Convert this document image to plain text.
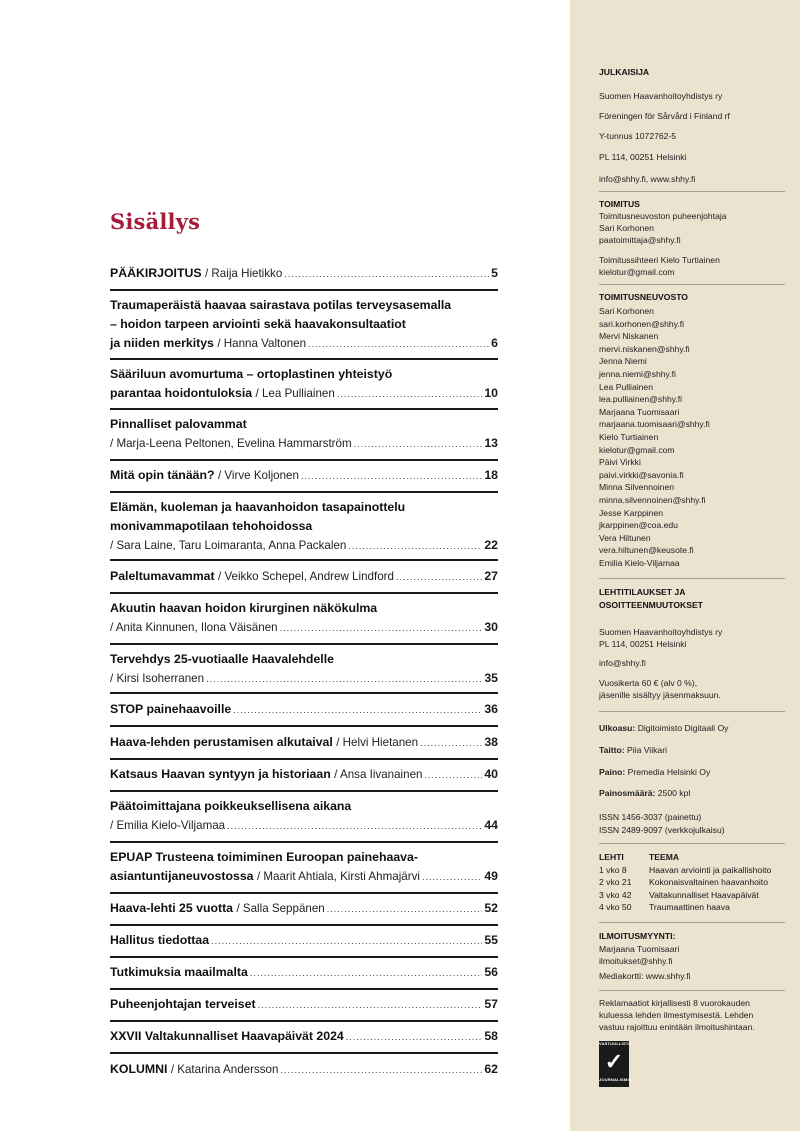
Sisällys
PÄÄKIRJOITUS / Raija Hietikko .....	5
Traumaperäistä haavaa sairastava potilas terveysasemalla
– hoidon tarpeen arviointi sekä haavakonsultaatiot
ja niiden merkitys / Hanna Valtonen .....	6
Sääriluun avomurtuma – ortoplastinen yhteistyö
parantaa hoidontuloksia / Lea Pulliainen .....	10
Pinnalliset palovammat
/ Marja-Leena Peltonen, Evelina Hammarström .....	13
Mitä opin tänään? / Virve Koljonen .....	18
Elämän, kuoleman ja haavanhoidon tasapainottelu
monivammapotilaan tehohoidossa
/ Sara Laine, Taru Loimaranta, Anna Packalen .....	22
Paleltumavammat / Veikko Schepel, Andrew Lindford .....	27
Akuutin haavan hoidon kirurginen näkökulma
/ Anita Kinnunen, Ilona Väisänen .....	30
Tervehdys 25-vuotiaalle Haavalehdelle
/ Kirsi Isoherranen .....	35
STOP painehaavoille .....	36
Haava-lehden perustamisen alkutaival / Helvi Hietanen .....	38
Katsaus Haavan syntyyn ja historiaan / Ansa Iivanainen .....	40
Päätoimittajana poikkeuksellisena aikana
/ Emilia Kielo-Viljamaa .....	44
EPUAP Trusteena toimiminen Euroopan painehaava-
asiantuntijaneuvostossa / Maarit Ahtiala, Kirsti Ahmajärvi .....	49
Haava-lehti 25 vuotta / Salla Seppänen .....	52
Hallitus tiedottaa .....	55
Tutkimuksia maailmalta .....	56
Puheenjohtajan terveiset .....	57
XXVII Valtakunnalliset Haavapäivät 2024 .....	58
KOLUMNI / Katarina Andersson .....	62
JULKAISIJA
Suomen Haavanhoitoyhdistys ry
Föreningen för Sårvård i Finland rf
Y-tunnus 1072762-5
PL 114, 00251 Helsinki
info@shhy.fi, www.shhy.fi
TOIMITUS
Toimitusneuvoston puheenjohtaja
Sari Korhonen
paatoimittaja@shhy.fi
Toimitussihteeri Kielo Turtiainen
kielotur@gmail.com
TOIMITUSNEUVOSTO
LEHTITILAUKSET JA
OSOITTEENMUUTOKSET
Suomen Haavanhoitoyhdistys ry
PL 114, 00251 Helsinki
info@shhy.fi
Vuosikerta 60 € (alv 0 %),
jäsenille sisältyy jäsenmaksuun.
Ulkoasu: Digitoimisto Digitaali Oy
Taitto: Piia Viikari
Paino: Premedia Helsinki Oy
Painosmäärä: 2500 kpl
ISSN 1456-3037 (painettu)
ISSN 2489-9097 (verkkojulkaisu)
LEHTI	TEEMA
1 vko 8	Haavan arviointi ja paikallishoito
2 vko 21	Kokonaisvaltainen haavanhoito
3 vko 42	Valtakunnalliset Haavapäivät
4 vko 50	Traumaattinen haava
ILMOITUSMYYNTI:
Marjaana Tuomisaari
ilmoitukset@shhy.fi
Mediakortti: www.shhy.fi
Reklamaatiot kirjallisesti 8 vuorokauden
kuluessa lehden ilmestymisestä. Lehden
vastuu rajoittuu enintään ilmoitushintaan.
VASTUULLISTA
✓
JOURNALISMIA
Sari Korhonen
sari.korhonen@shhy.fi
Mervi Niskanen
mervi.niskanen@shhy.fi
Jenna Niemi
jenna.niemi@shhy.fi
Lea Pulliainen
lea.pulliainen@shhy.fi
Marjaana Tuomisaari
marjaana.tuomisaari@shhy.fi
Kielo Turtiainen
kielotur@gmail.com
Päivi Virkki
paivi.virkki@savonia.fi
Minna Silvennoinen
minna.silvennoinen@shhy.fi
Jesse Karppinen
jkarppinen@coa.edu
Vera Hiltunen
vera.hiltunen@keusote.fi
Emilia Kielo-Viljamaa
